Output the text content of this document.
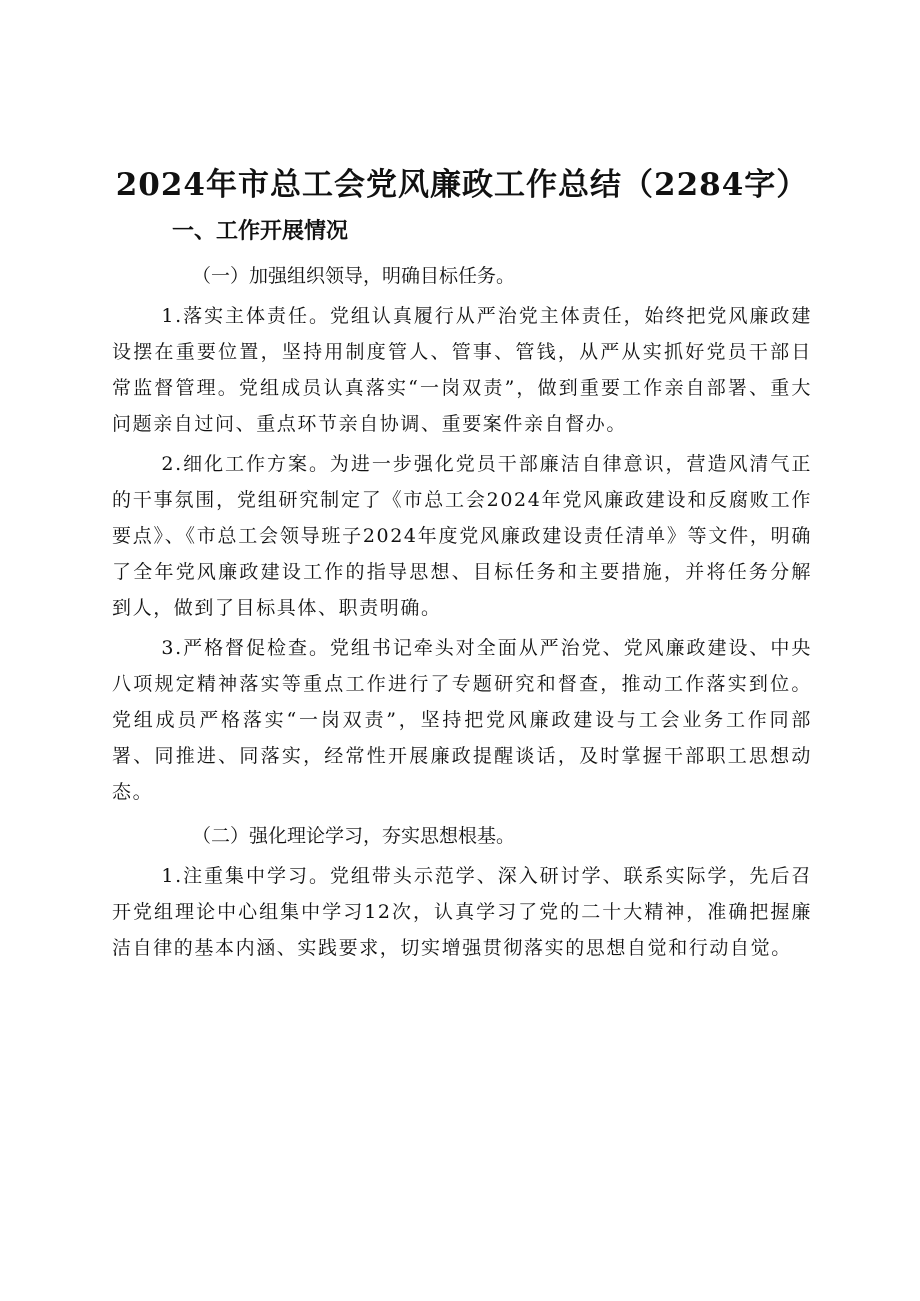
2024年市总工会党风廉政工作总结（2284字）
一、工作开展情况

（一）加强组织领导，明确目标任务。

1.落实主体责任。党组认真履行从严治党主体责任，始终把党风廉政建设摆在重要位置，坚持用制度管人、管事、管钱，从严从实抓好党员干部日常监督管理。党组成员认真落实“一岗双责”，做到重要工作亲自部署、重大问题亲自过问、重点环节亲自协调、重要案件亲自督办。

2.细化工作方案。为进一步强化党员干部廉洁自律意识，营造风清气正的干事氛围，党组研究制定了《市总工会2024年党风廉政建设和反腐败工作要点》、《市总工会领导班子2024年度党风廉政建设责任清单》等文件，明确了全年党风廉政建设工作的指导思想、目标任务和主要措施，并将任务分解到人，做到了目标具体、职责明确。

3.严格督促检查。党组书记牵头对全面从严治党、党风廉政建设、中央八项规定精神落实等重点工作进行了专题研究和督查，推动工作落实到位。党组成员严格落实“一岗双责”，坚持把党风廉政建设与工会业务工作同部署、同推进、同落实，经常性开展廉政提醒谈话，及时掌握干部职工思想动态。

（二）强化理论学习，夯实思想根基。

1.注重集中学习。党组带头示范学、深入研讨学、联系实际学，先后召开党组理论中心组集中学习12次，认真学习了党的二十大精神，准确把握廉洁自律的基本内涵、实践要求，切实增强贯彻落实的思想自觉和行动自觉。
